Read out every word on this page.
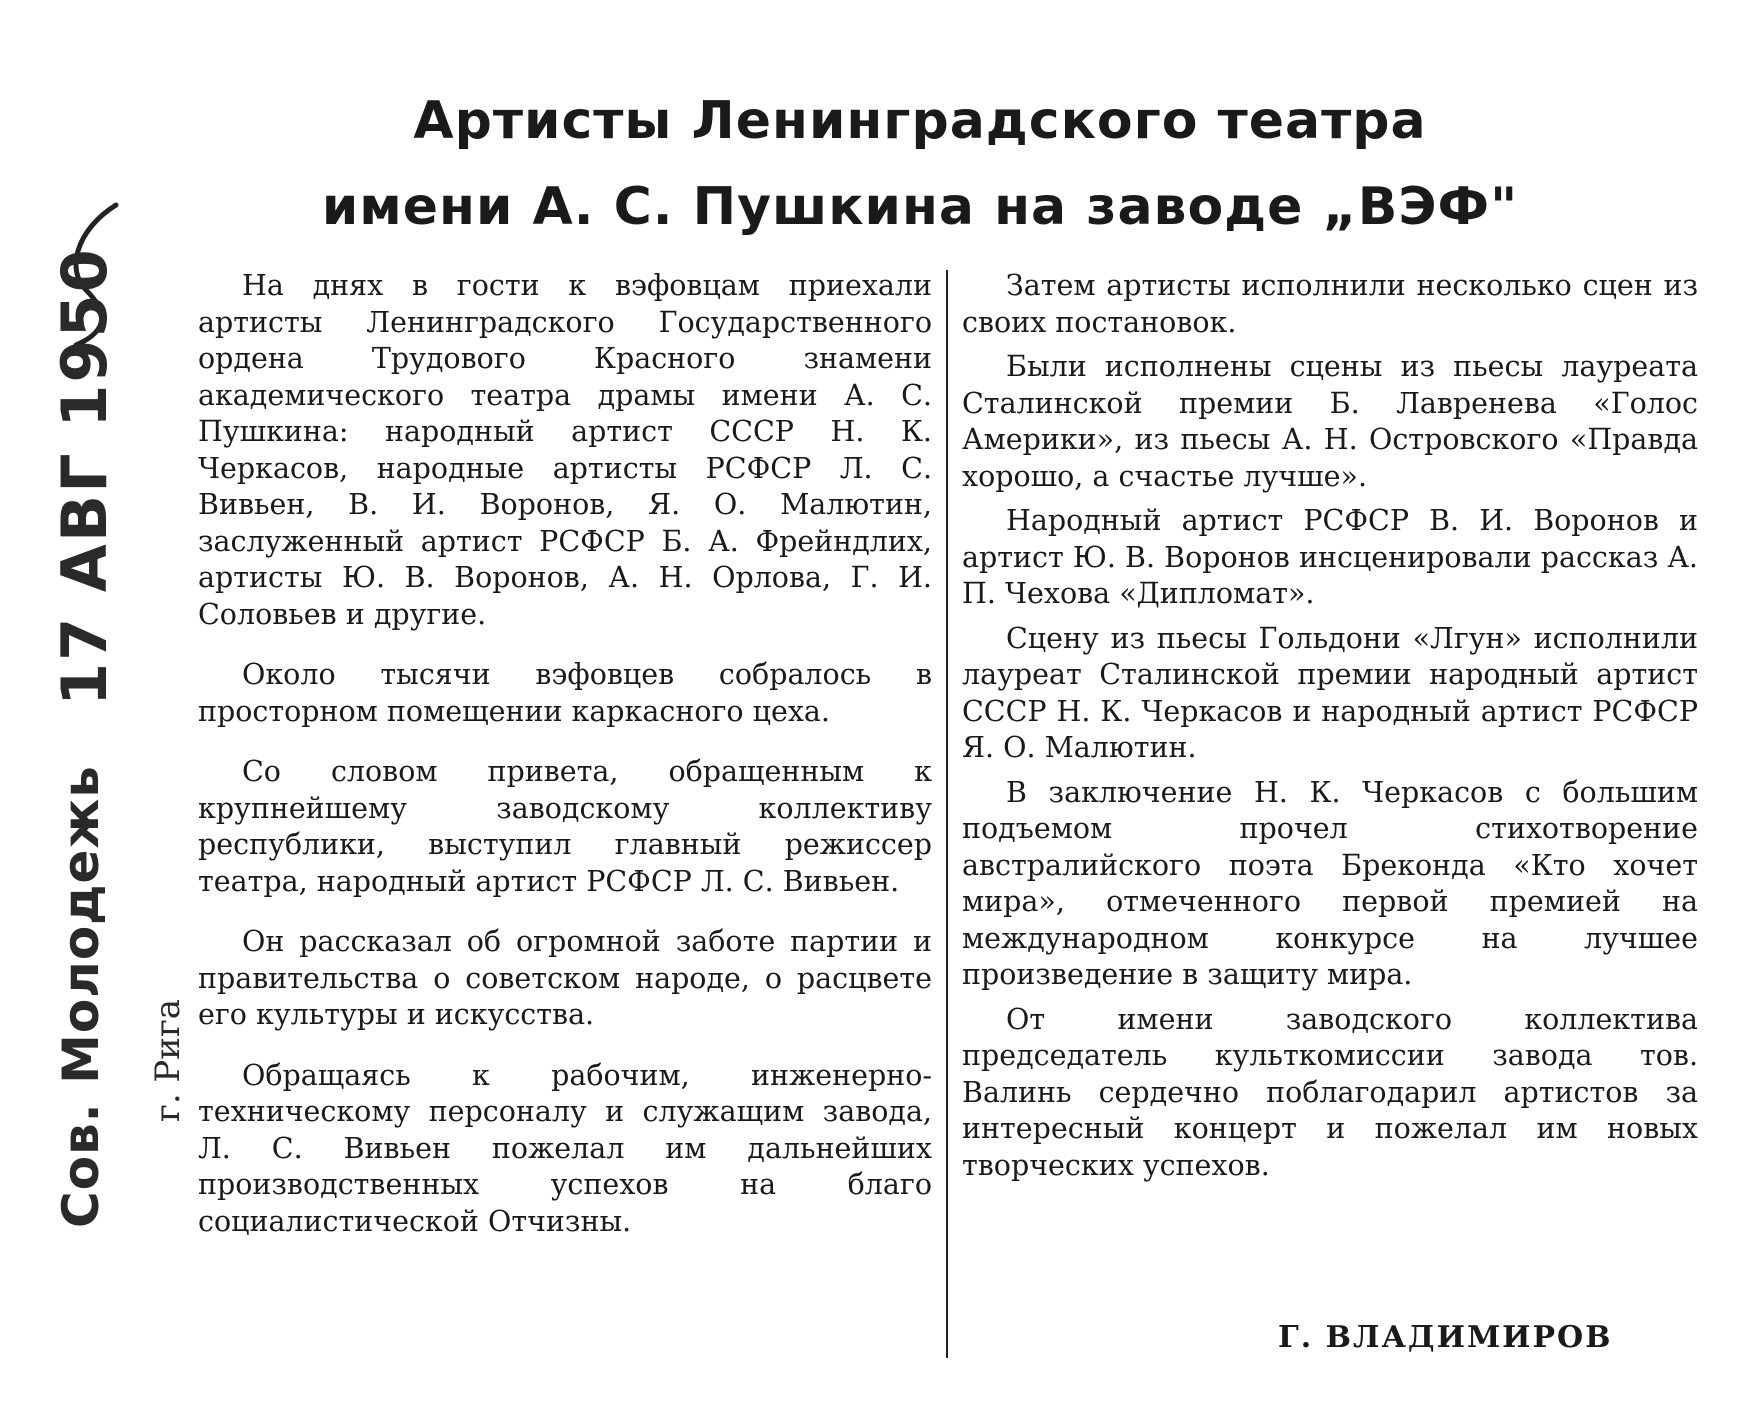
Артисты Ленинградского театра
имени А. С. Пушкина на заводе „ВЭФ"
17 АВГ 1950
Сов. Молодежь г. Рига

На днях в гости к вэфовцам приехали артисты Ленинградского Государственного ордена Трудового Красного знамени академического театра драмы имени А. С. Пушкина: народный артист СССР Н. К. Черкасов, народные артисты РСФСР Л. С. Вивьен, В. И. Воронов, Я. О. Малютин, заслуженный артист РСФСР Б. А. Фрейндлих, артисты Ю. В. Воронов, А. Н. Орлова, Г. И. Соловьев и другие.

Около тысячи вэфовцев собралось в просторном помещении каркасного цеха.

Со словом привета, обращенным к крупнейшему заводскому коллективу республики, выступил главный режиссер театра, народный артист РСФСР Л. С. Вивьен.

Он рассказал об огромной заботе партии и правительства о советском народе, о расцвете его культуры и искусства.

Обращаясь к рабочим, инженерно-техническому персоналу и служащим завода, Л. С. Вивьен пожелал им дальнейших производственных успехов на благо социалистической Отчизны.

Затем артисты исполнили несколько сцен из своих постановок.

Были исполнены сцены из пьесы лауреата Сталинской премии Б. Лавренева «Голос Америки», из пьесы А. Н. Островского «Правда хорошо, а счастье лучше».

Народный артист РСФСР В. И. Воронов и артист Ю. В. Воронов инсценировали рассказ А. П. Чехова «Дипломат».

Сцену из пьесы Гольдони «Лгун» исполнили лауреат Сталинской премии народный артист СССР Н. К. Черкасов и народный артист РСФСР Я. О. Малютин.

В заключение Н. К. Черкасов с большим подъемом прочел стихотворение австралийского поэта Бреконда «Кто хочет мира», отмеченного первой премией на международном конкурсе на лучшее произведение в защиту мира.

От имени заводского коллектива председатель культкомиссии завода тов. Валинь сердечно поблагодарил артистов за интересный концерт и пожелал им новых творческих успехов.

Г. ВЛАДИМИРОВ
